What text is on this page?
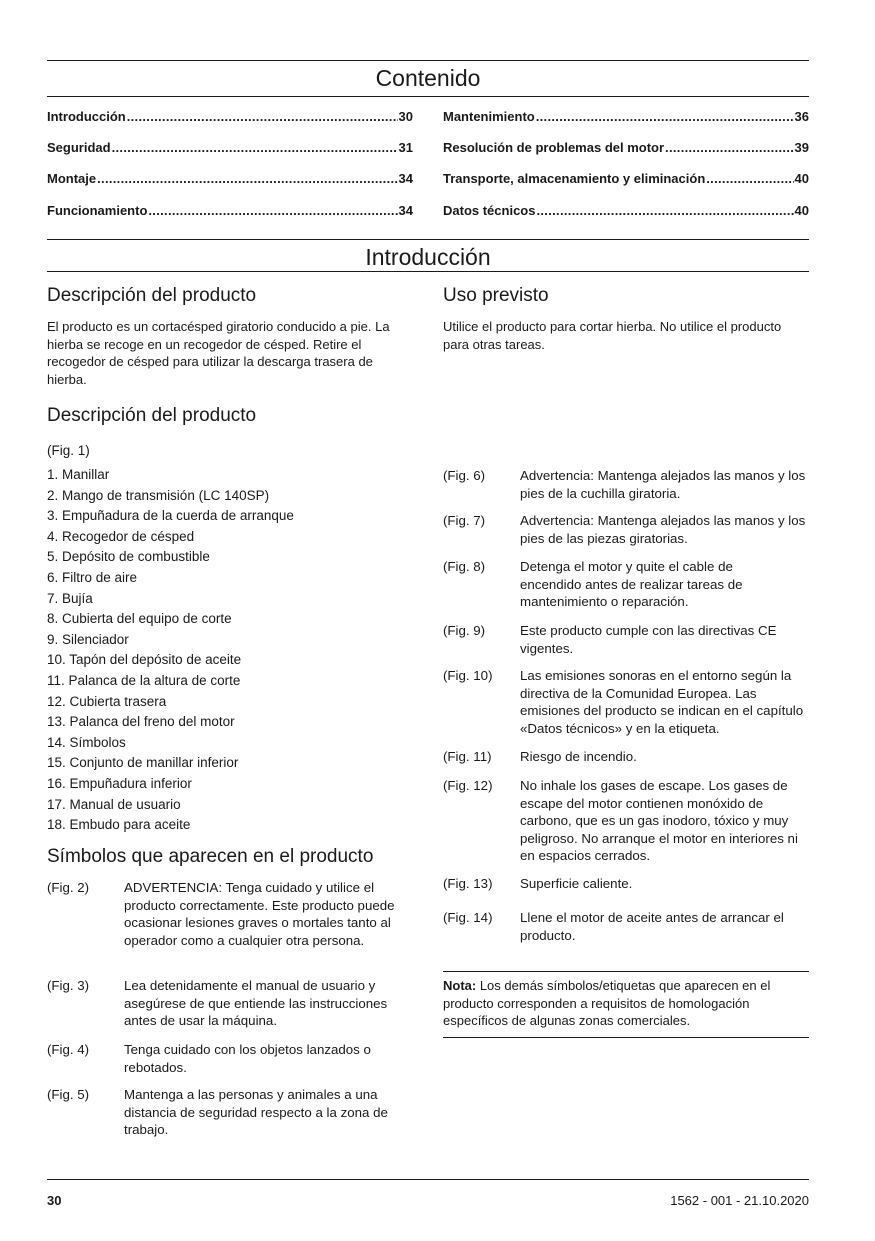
Contenido
Introducción .....	30
Seguridad .....	31
Montaje .....	34
Funcionamiento .....	34
Mantenimiento .....	36
Resolución de problemas del motor .....	39
Transporte, almacenamiento y eliminación .....	40
Datos técnicos .....	40
Introducción
Descripción del producto

El producto es un cortacésped giratorio conducido a pie. La hierba se recoge en un recogedor de césped. Retire el recogedor de césped para utilizar la descarga trasera de hierba.

Uso previsto

Utilice el producto para cortar hierba. No utilice el producto para otras tareas.

Descripción del producto
(Fig. 1)
1. Manillar
2. Mango de transmisión (LC 140SP)
3. Empuñadura de la cuerda de arranque
4. Recogedor de césped
5. Depósito de combustible
6. Filtro de aire
7. Bujía
8. Cubierta del equipo de corte
9. Silenciador
10. Tapón del depósito de aceite
11. Palanca de la altura de corte
12. Cubierta trasera
13. Palanca del freno del motor
14. Símbolos
15. Conjunto de manillar inferior
16. Empuñadura inferior
17. Manual de usuario
18. Embudo para aceite
Símbolos que aparecen en el producto
(Fig. 2)	ADVERTENCIA: Tenga cuidado y utilice el producto correctamente. Este producto puede ocasionar lesiones graves o mortales tanto al operador como a cualquier otra persona.
(Fig. 3)	Lea detenidamente el manual de usuario y asegúrese de que entiende las instrucciones antes de usar la máquina.
(Fig. 4)	Tenga cuidado con los objetos lanzados o rebotados.
(Fig. 5)	Mantenga a las personas y animales a una distancia de seguridad respecto a la zona de trabajo.
(Fig. 6)	Advertencia: Mantenga alejados las manos y los pies de la cuchilla giratoria.
(Fig. 7)	Advertencia: Mantenga alejados las manos y los pies de las piezas giratorias.
(Fig. 8)	Detenga el motor y quite el cable de encendido antes de realizar tareas de mantenimiento o reparación.
(Fig. 9)	Este producto cumple con las directivas CE vigentes.
(Fig. 10) Las emisiones sonoras en el entorno según la directiva de la Comunidad Europea. Las emisiones del producto se indican en el capítulo «Datos técnicos» y en la etiqueta.
(Fig. 11) Riesgo de incendio.
(Fig. 12) No inhale los gases de escape. Los gases de escape del motor contienen monóxido de carbono, que es un gas inodoro, tóxico y muy peligroso. No arranque el motor en interiores ni en espacios cerrados.
(Fig. 13) Superficie caliente.
(Fig. 14) Llene el motor de aceite antes de arrancar el producto.

Nota: Los demás símbolos/etiquetas que aparecen en el producto corresponden a requisitos de homologación específicos de algunas zonas comerciales.

30	1562 - 001 - 21.10.2020
